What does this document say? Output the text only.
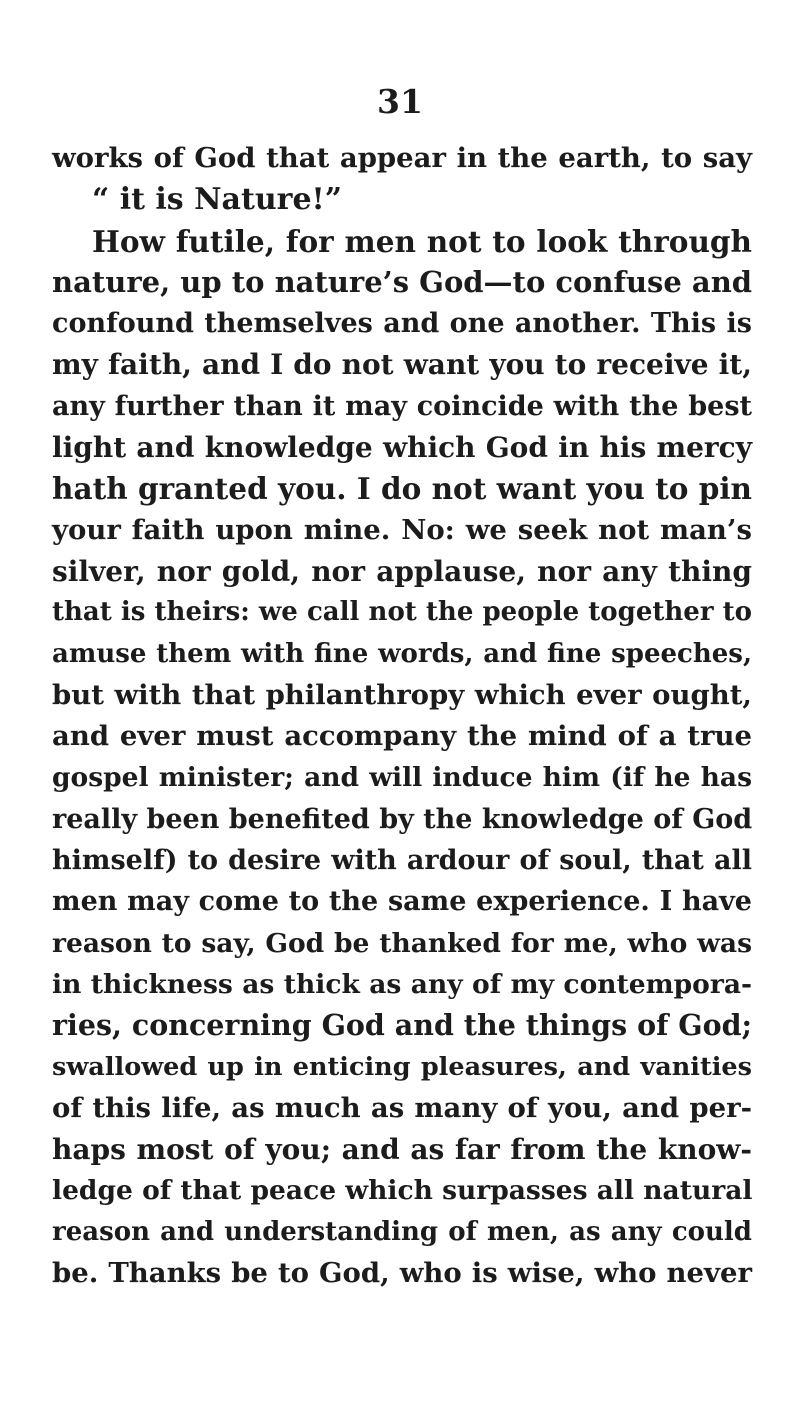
31
works of God that appear in the earth, to say
“ it is Nature!”
How futile, for men not to look through
nature, up to nature’s God—to confuse and
confound themselves and one another. This is
my faith, and I do not want you to receive it,
any further than it may coincide with the best
light and knowledge which God in his mercy
hath granted you. I do not want you to pin
your faith upon mine. No: we seek not man’s
silver, nor gold, nor applause, nor any thing
that is theirs: we call not the people together to
amuse them with fine words, and fine speeches,
but with that philanthropy which ever ought,
and ever must accompany the mind of a true
gospel minister; and will induce him (if he has
really been benefited by the knowledge of God
himself) to desire with ardour of soul, that all
men may come to the same experience. I have
reason to say, God be thanked for me, who was
in thickness as thick as any of my contempora-
ries, concerning God and the things of God;
swallowed up in enticing pleasures, and vanities
of this life, as much as many of you, and per-
haps most of you; and as far from the know-
ledge of that peace which surpasses all natural
reason and understanding of men, as any could
be. Thanks be to God, who is wise, who never
